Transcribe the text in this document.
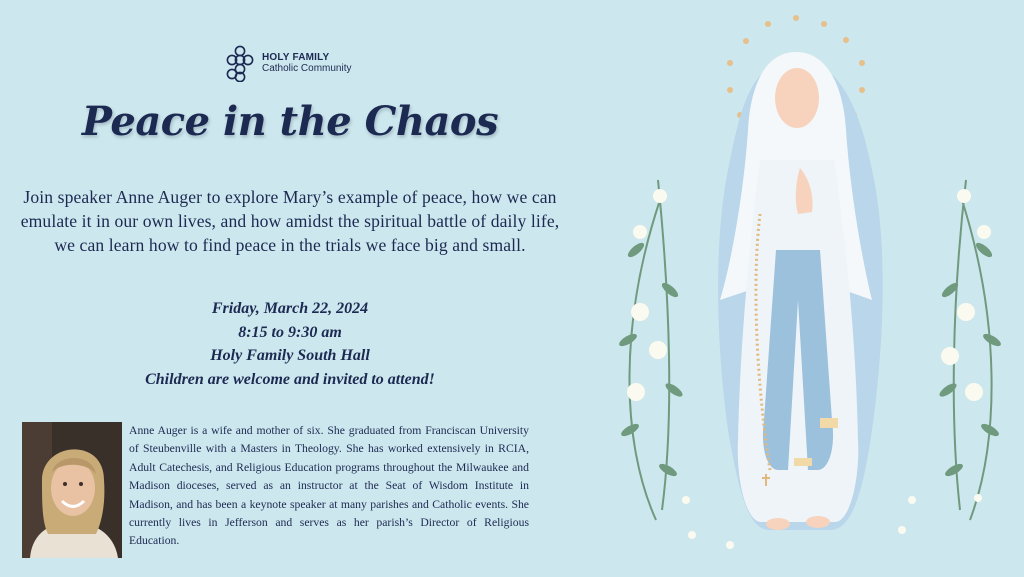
HOLY FAMILY
Catholic Community
Peace in the Chaos
Join speaker Anne Auger to explore Mary’s example of peace, how we can emulate it in our own lives, and how amidst the spiritual battle of daily life, we can learn how to find peace in the trials we face big and small.
Friday, March 22, 2024
8:15 to 9:30 am
Holy Family South Hall
Children are welcome and invited to attend!
Anne Auger is a wife and mother of six. She graduated from Franciscan University of Steubenville with a Masters in Theology. She has worked extensively in RCIA, Adult Catechesis, and Religious Education programs throughout the Milwaukee and Madison dioceses, served as an instructor at the Seat of Wisdom Institute in Madison, and has been a keynote speaker at many parishes and Catholic events. She currently lives in Jefferson and serves as her parish’s Director of Religious Education.
